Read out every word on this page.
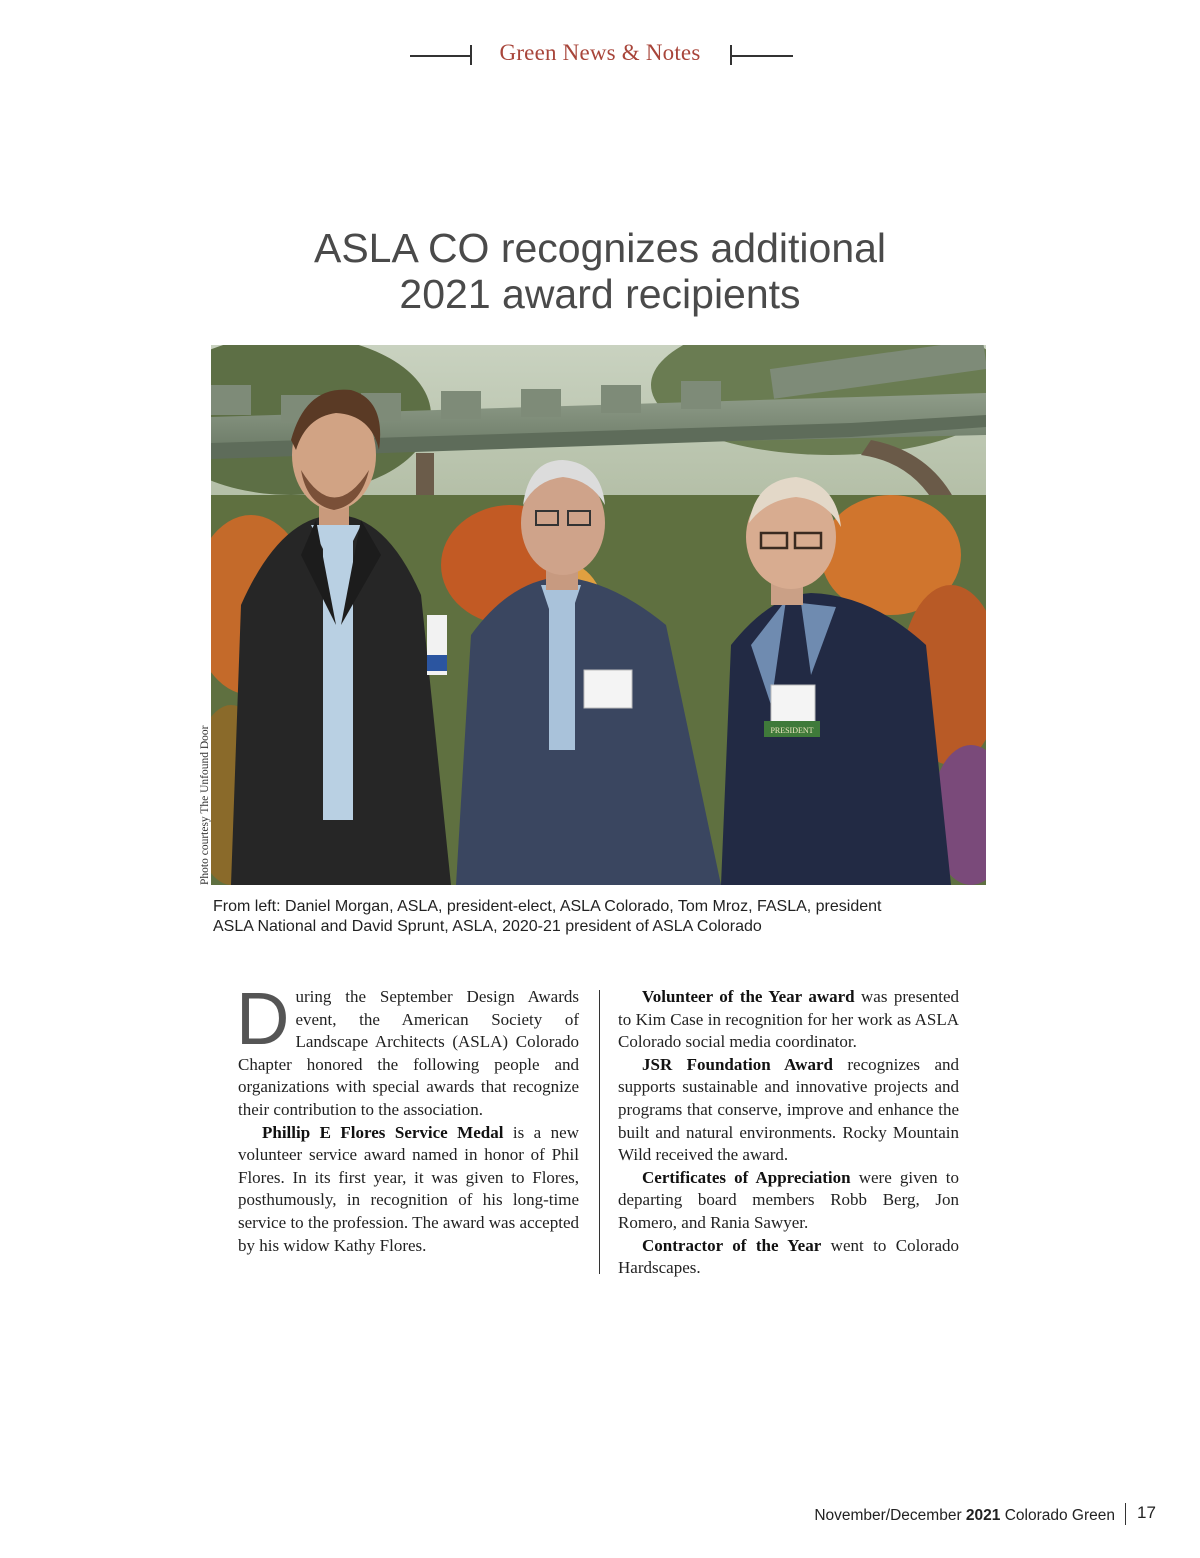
Green News & Notes
ASLA CO recognizes additional
2021 award recipients
PRESIDENT
Photo courtesy The Unfound Door
From left: Daniel Morgan, ASLA, president-elect, ASLA Colorado, Tom Mroz, FASLA, president
ASLA National and David Sprunt, ASLA, 2020-21 president of ASLA Colorado

During the September Design Awards event, the American Society of Landscape Architects (ASLA) Colorado Chapter honored the following people and organizations with special awards that recognize their contribution to the association.

Phillip E Flores Service Medal is a new volunteer service award named in honor of Phil Flores. In its first year, it was given to Flores, posthumously, in recognition of his long-time service to the profession. The award was accepted by his widow Kathy Flores.

Volunteer of the Year award was presented to Kim Case in recognition for her work as ASLA Colorado social media coordinator.

JSR Foundation Award recognizes and supports sustainable and innovative projects and programs that conserve, improve and enhance the built and natural environments. Rocky Mountain Wild received the award.

Certificates of Appreciation were given to departing board members Robb Berg, Jon Romero, and Rania Sawyer.

Contractor of the Year went to Colorado Hardscapes.

November/December 2021 Colorado Green 17
